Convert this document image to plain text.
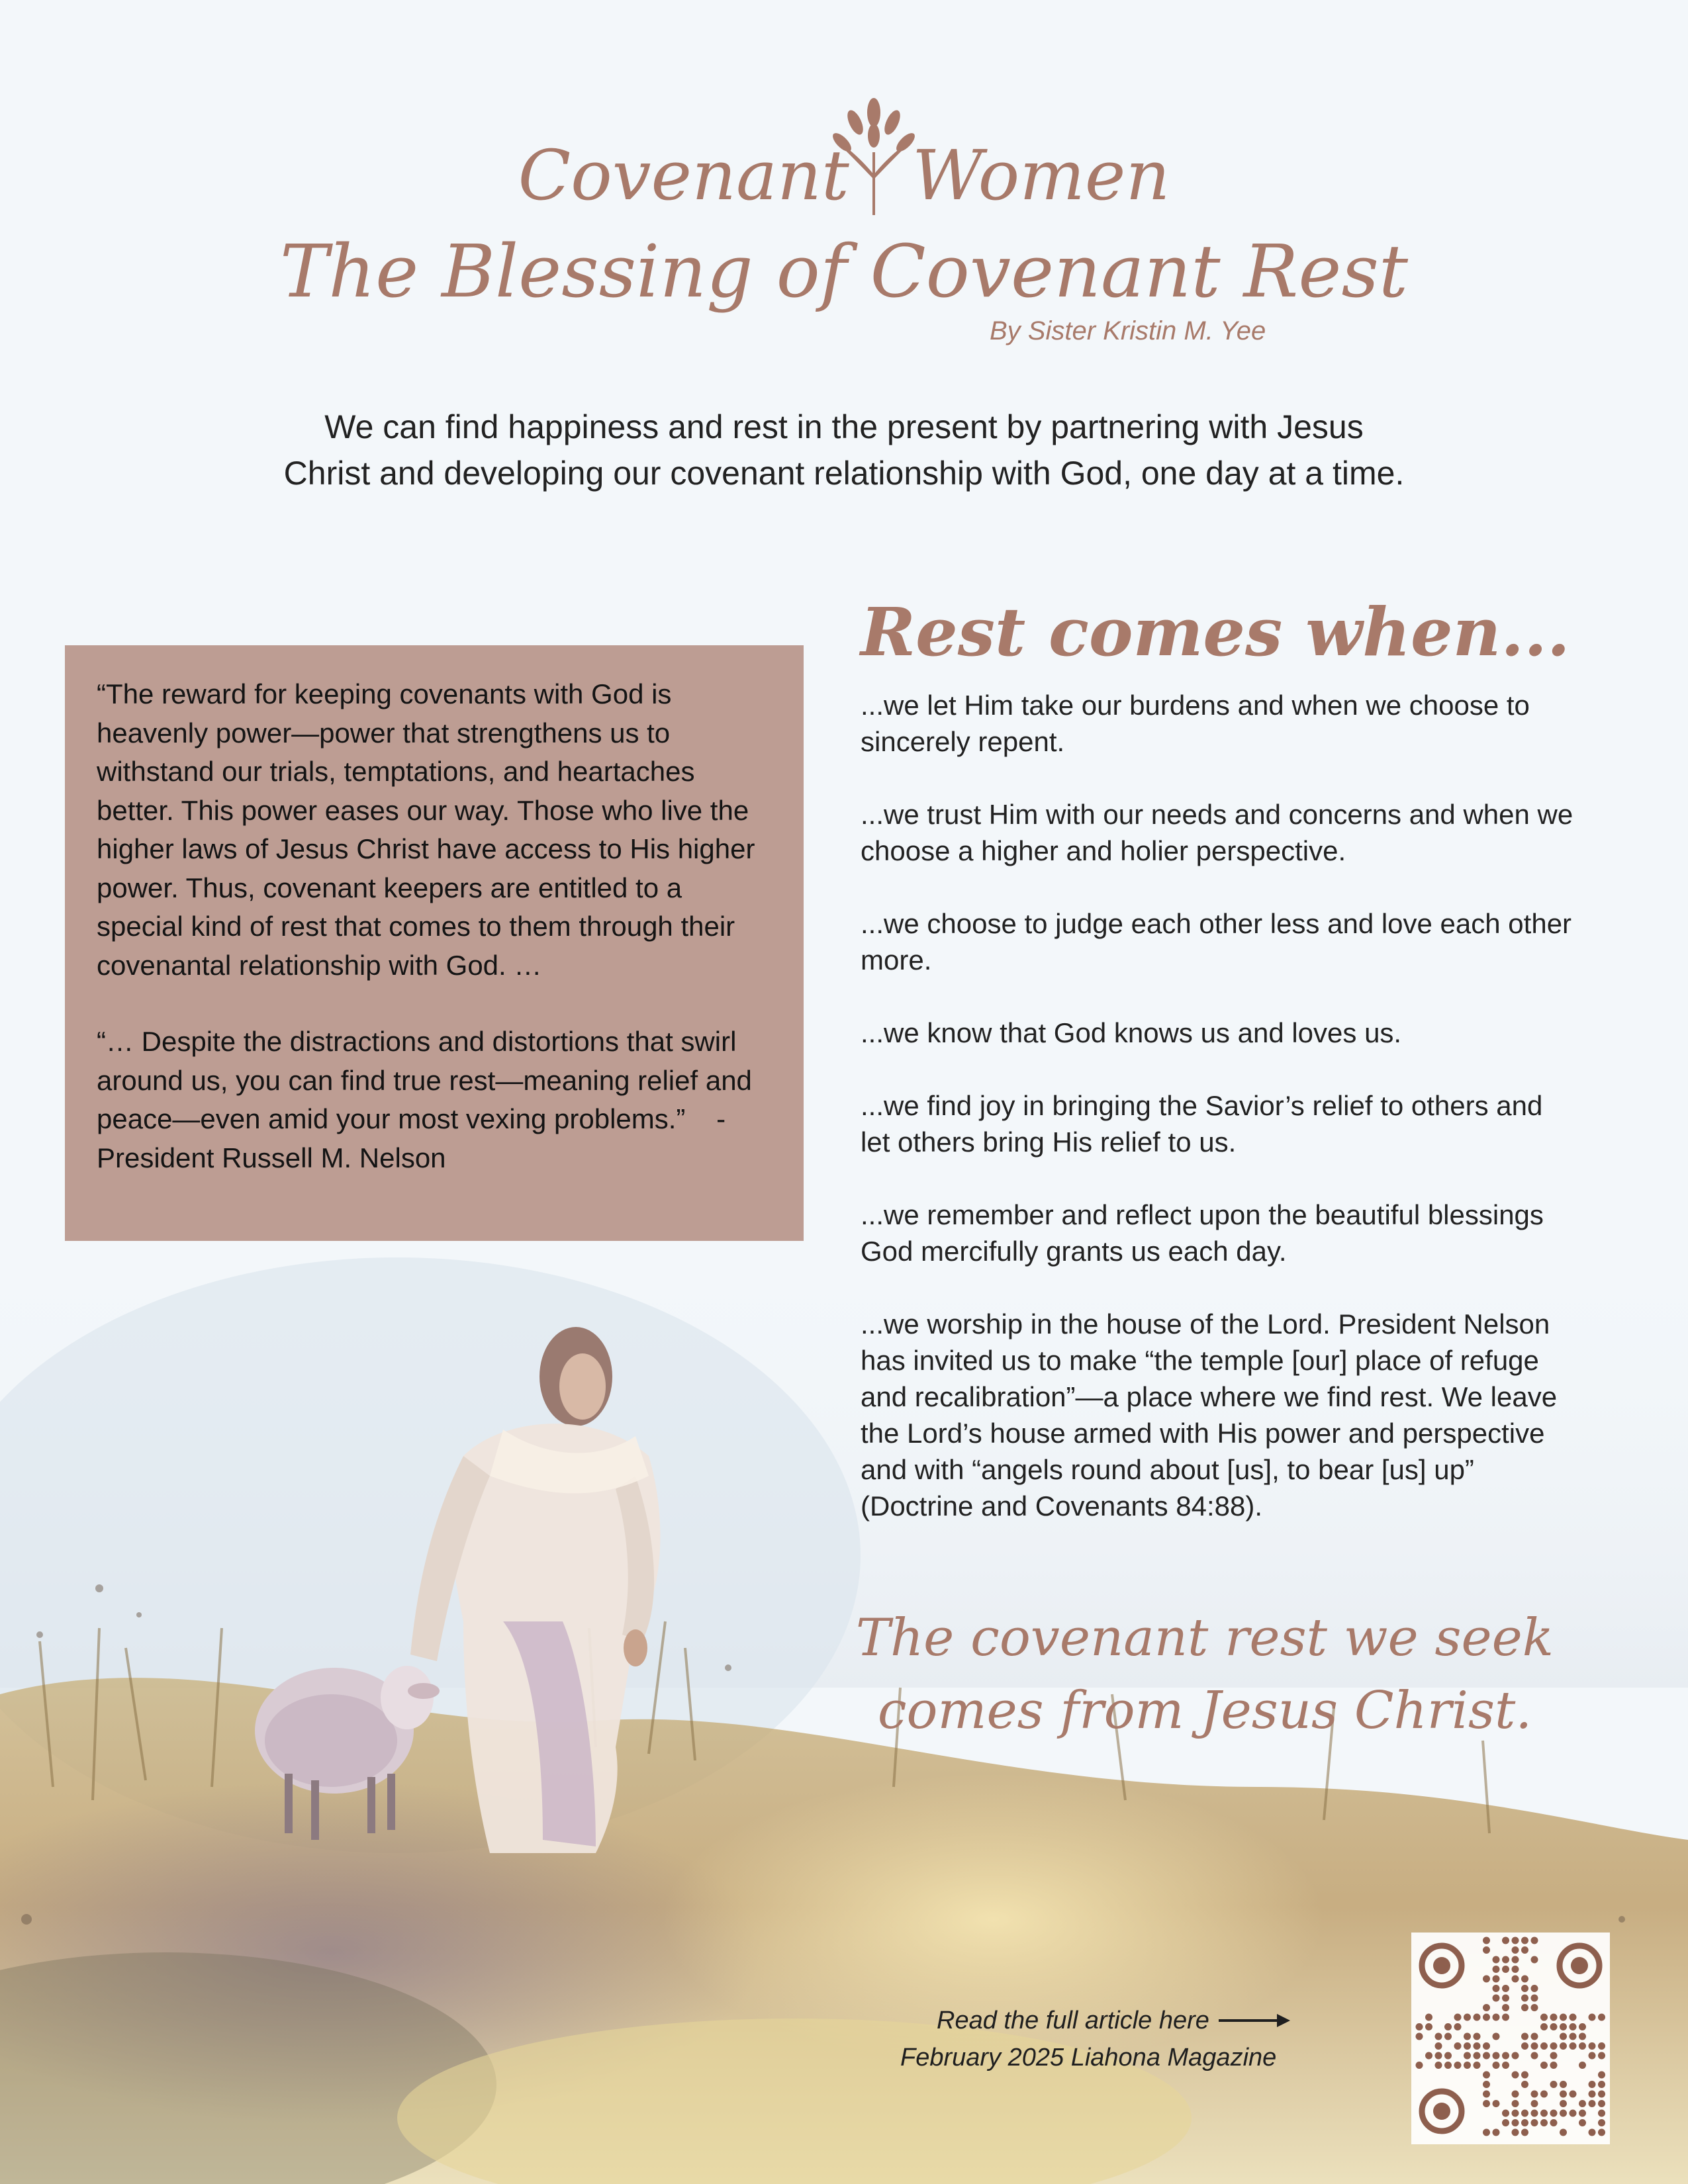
Covenant Women
The Blessing of Covenant Rest
By Sister Kristin M. Yee
We can find happiness and rest in the present by partnering with Jesus
Christ and developing our covenant relationship with God, one day at a time.

“The reward for keeping covenants with God is heavenly power—power that strengthens us to withstand our trials, temptations, and heartaches better. This power eases our way. Those who live the higher laws of Jesus Christ have access to His higher power. Thus, covenant keepers are entitled to a special kind of rest that comes to them through their covenantal relationship with God. …

“… Despite the distractions and distortions that swirl around us, you can find true rest—meaning relief and peace—even amid your most vexing problems.” -President Russell M. Nelson

Rest comes when...

...we let Him take our burdens and when we choose to sincerely repent.

...we trust Him with our needs and concerns and when we choose a higher and holier perspective.

...we choose to judge each other less and love each other more.

...we know that God knows us and loves us.

...we find joy in bringing the Savior’s relief to others and let others bring His relief to us.

...we remember and reflect upon the beautiful blessings God mercifully grants us each day.

...we worship in the house of the Lord. President Nelson has invited us to make “the temple [our] place of refuge and recalibration”—a place where we find rest. We leave the Lord’s house armed with His power and perspective and with “angels round about [us], to bear [us] up” (Doctrine and Covenants 84:88).

The covenant rest we seek
comes from Jesus Christ.
Read the full article here
February 2025 Liahona Magazine
